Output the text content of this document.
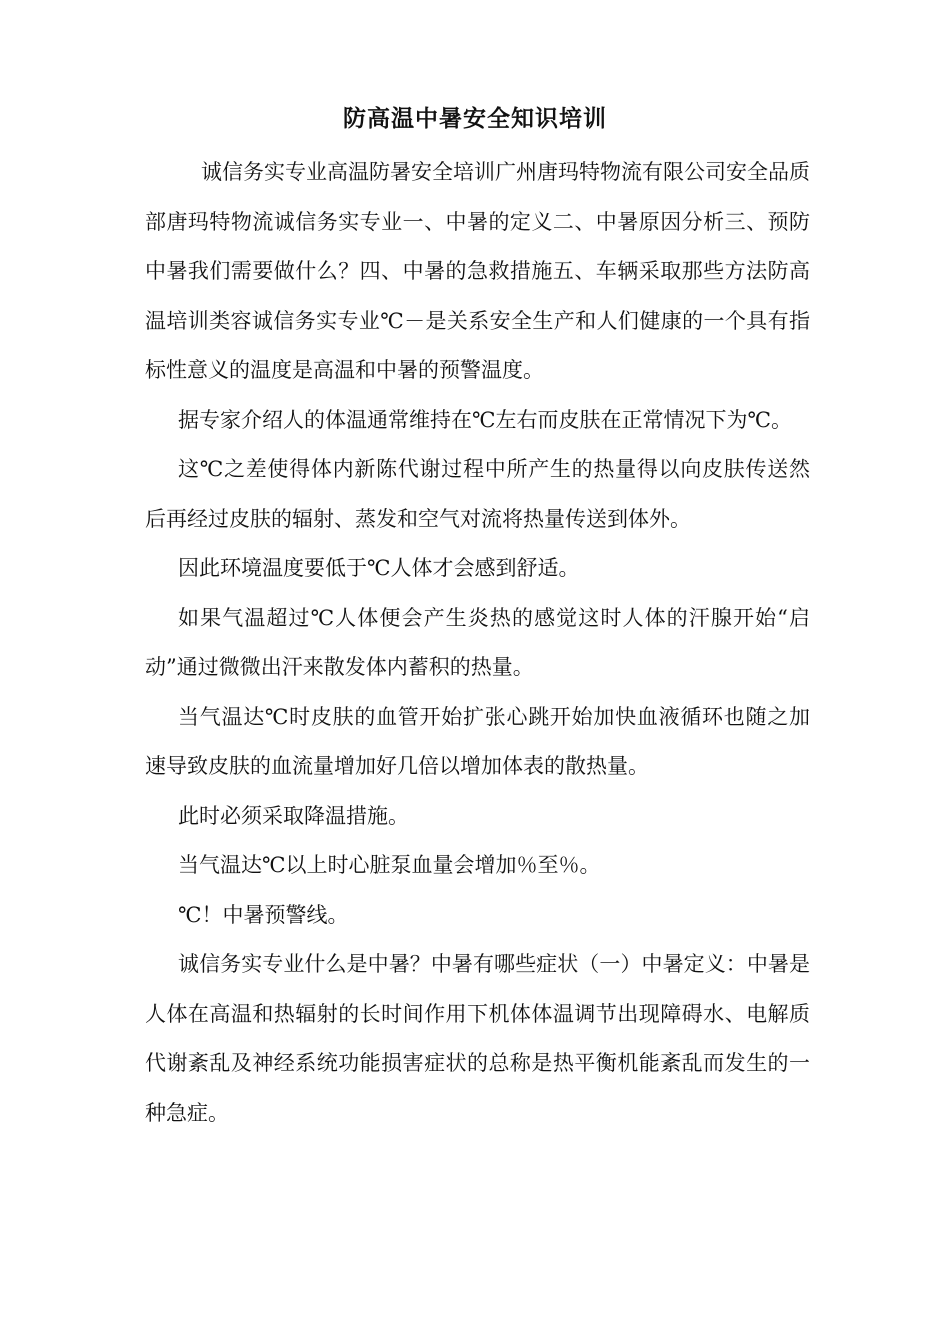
防高温中暑安全知识培训

诚信务实专业高温防暑安全培训广州唐玛特物流有限公司安全品质部唐玛特物流诚信务实专业一、中暑的定义二、中暑原因分析三、预防中暑我们需要做什么？四、中暑的急救措施五、车辆采取那些方法防高温培训类容诚信务实专业℃－是关系安全生产和人们健康的一个具有指标性意义的温度是高温和中暑的预警温度。

据专家介绍人的体温通常维持在℃左右而皮肤在正常情况下为℃。

这℃之差使得体内新陈代谢过程中所产生的热量得以向皮肤传送然后再经过皮肤的辐射、蒸发和空气对流将热量传送到体外。

因此环境温度要低于℃人体才会感到舒适。

如果气温超过℃人体便会产生炎热的感觉这时人体的汗腺开始“启动”通过微微出汗来散发体内蓄积的热量。

当气温达℃时皮肤的血管开始扩张心跳开始加快血液循环也随之加速导致皮肤的血流量增加好几倍以增加体表的散热量。

此时必须采取降温措施。

当气温达℃以上时心脏泵血量会增加％至％。

℃！中暑预警线。

诚信务实专业什么是中暑？中暑有哪些症状（一）中暑定义：中暑是人体在高温和热辐射的长时间作用下机体体温调节出现障碍水、电解质代谢紊乱及神经系统功能损害症状的总称是热平衡机能紊乱而发生的一种急症。
